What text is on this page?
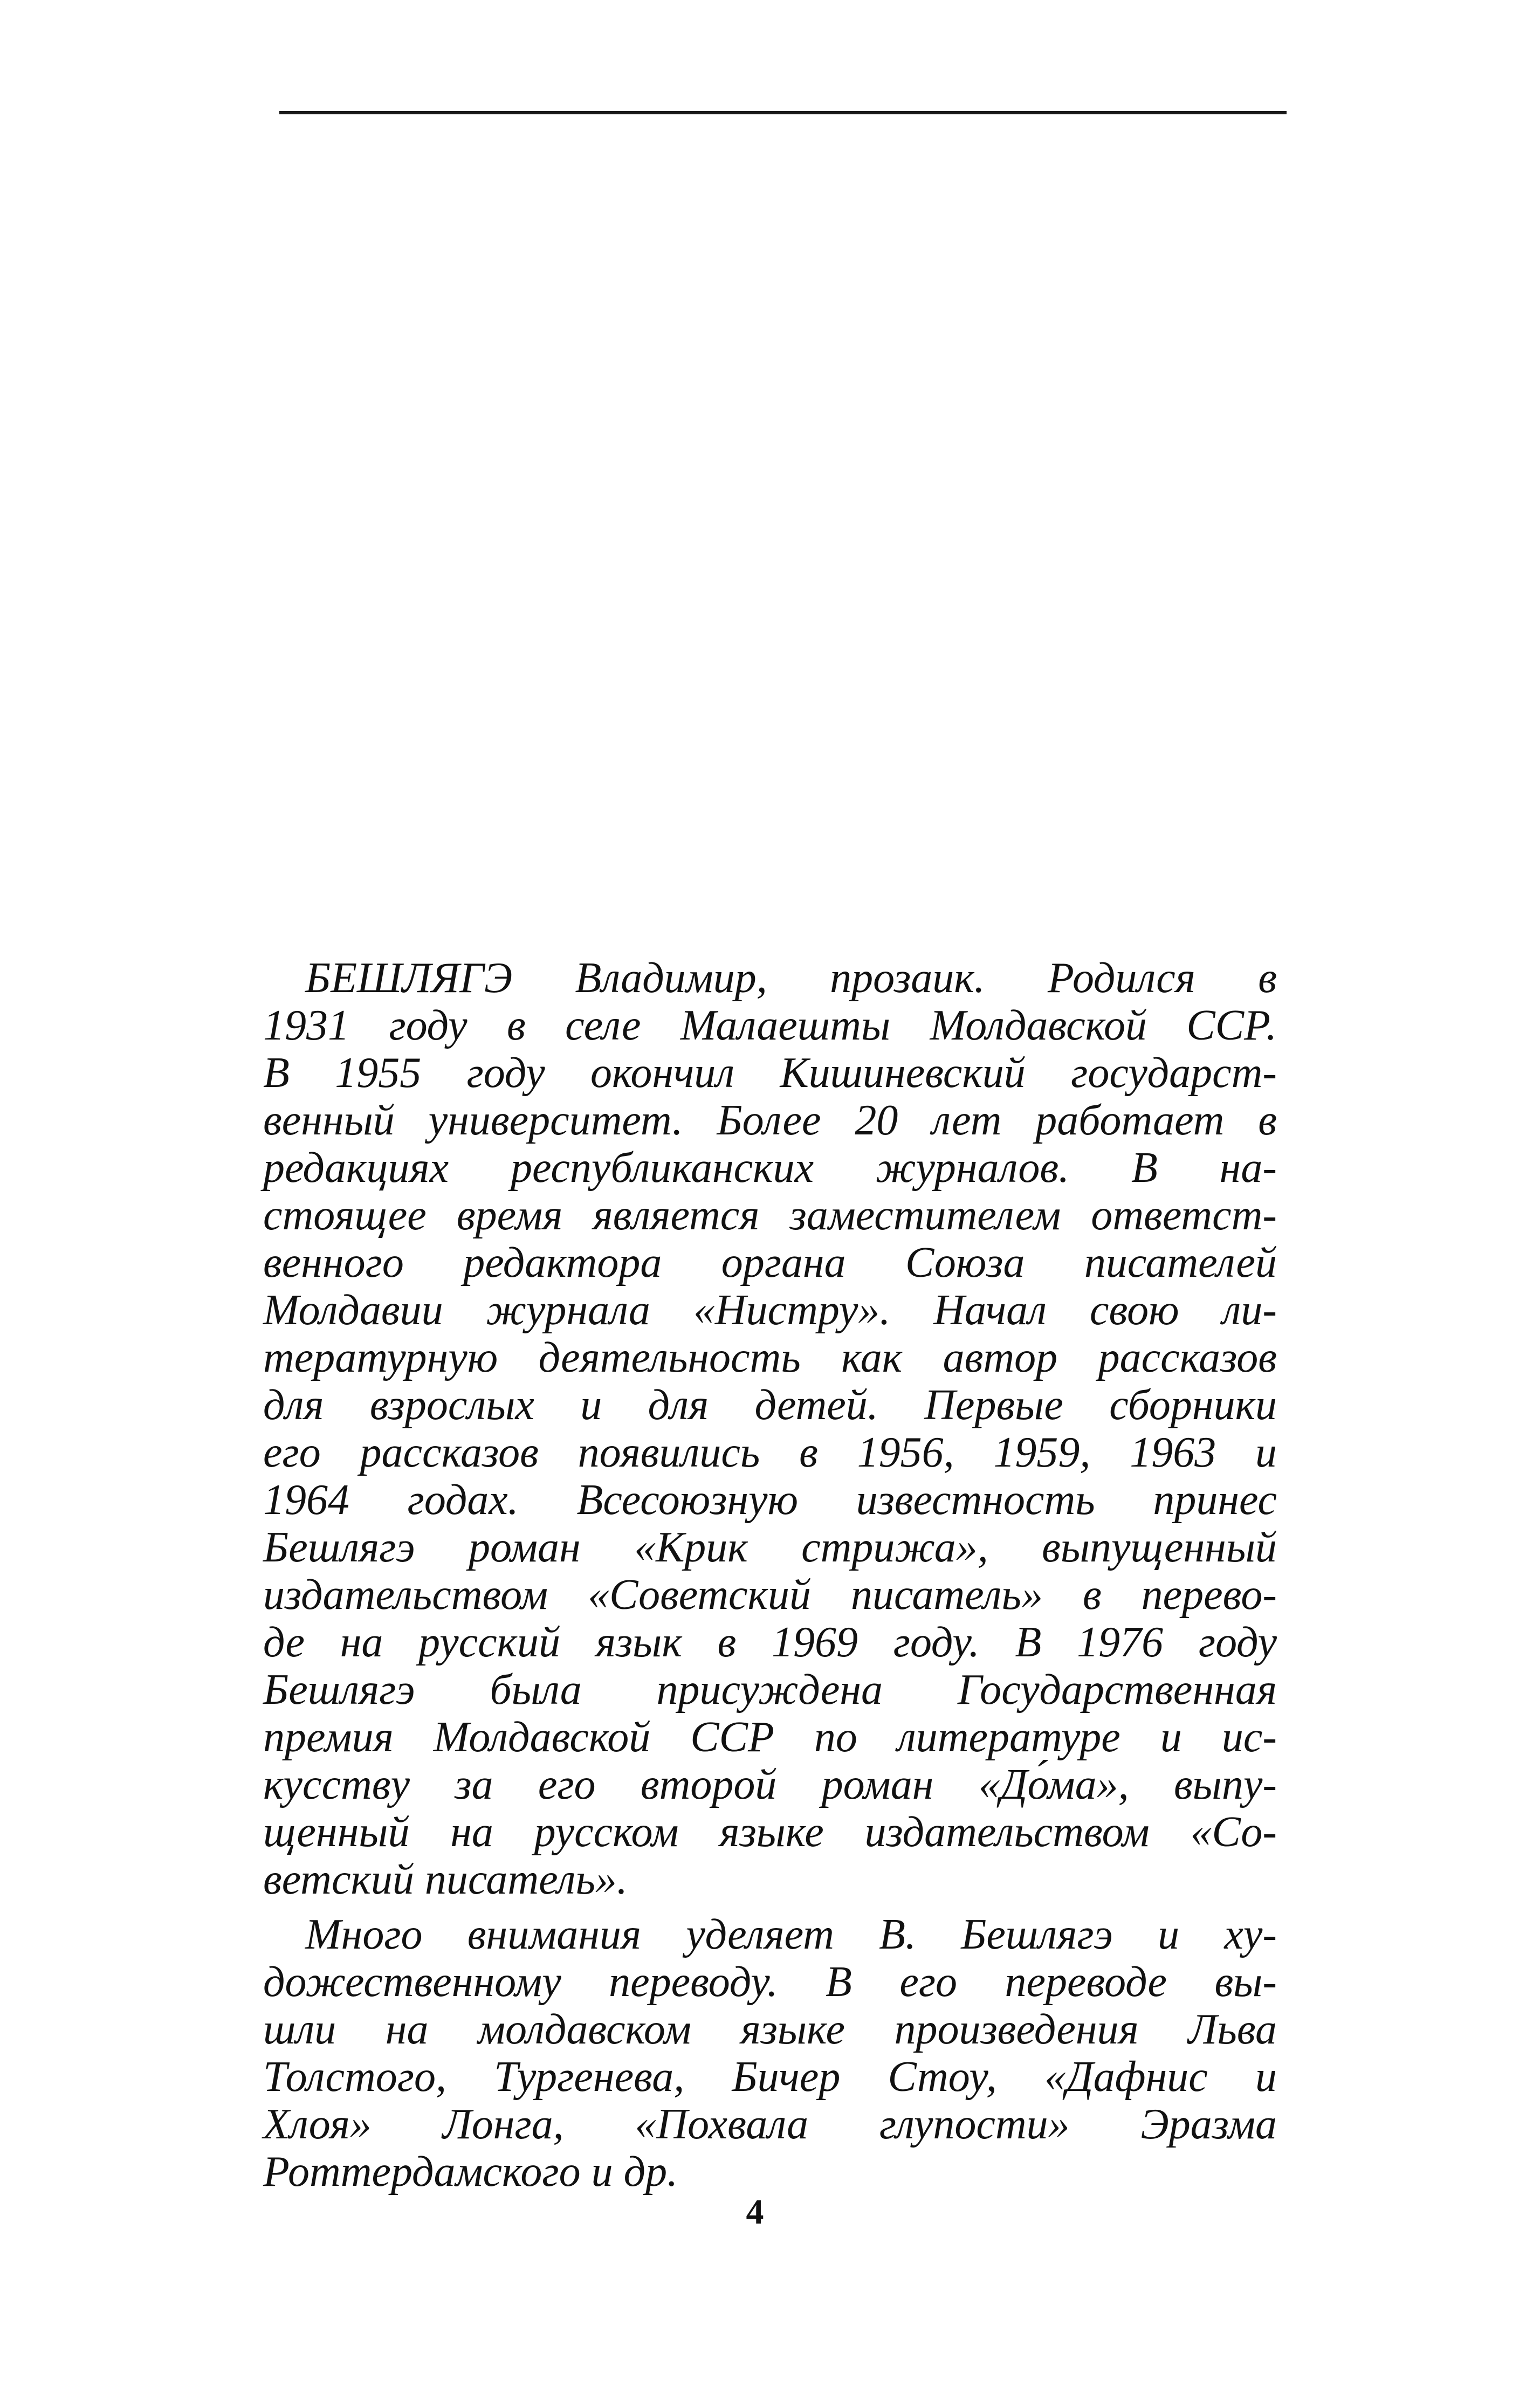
БЕШЛЯГЭ Владимир, прозаик. Родился в
1931 году в селе Малаешты Молдавской ССР.
В 1955 году окончил Кишиневский государст-
венный университет. Более 20 лет работает в
редакциях республиканских журналов. В на-
стоящее время является заместителем ответст-
венного редактора органа Союза писателей
Молдавии журнала «Нистру». Начал свою ли-
тературную деятельность как автор рассказов
для взрослых и для детей. Первые сборники
его рассказов появились в 1956, 1959, 1963 и
1964 годах. Всесоюзную известность принес
Бешлягэ роман «Крик стрижа», выпущенный
издательством «Советский писатель» в перево-
де на русский язык в 1969 году. В 1976 году
Бешлягэ была присуждена Государственная
премия Молдавской ССР по литературе и ис-
кусству за его второй роман «До́ма», выпу-
щенный на русском языке издательством «Со-
ветский писатель».
Много внимания уделяет В. Бешлягэ и ху-
дожественному переводу. В его переводе вы-
шли на молдавском языке произведения Льва
Толстого, Тургенева, Бичер Стоу, «Дафнис и
Хлоя» Лонга, «Похвала глупости» Эразма
Роттердамского и др.
4
